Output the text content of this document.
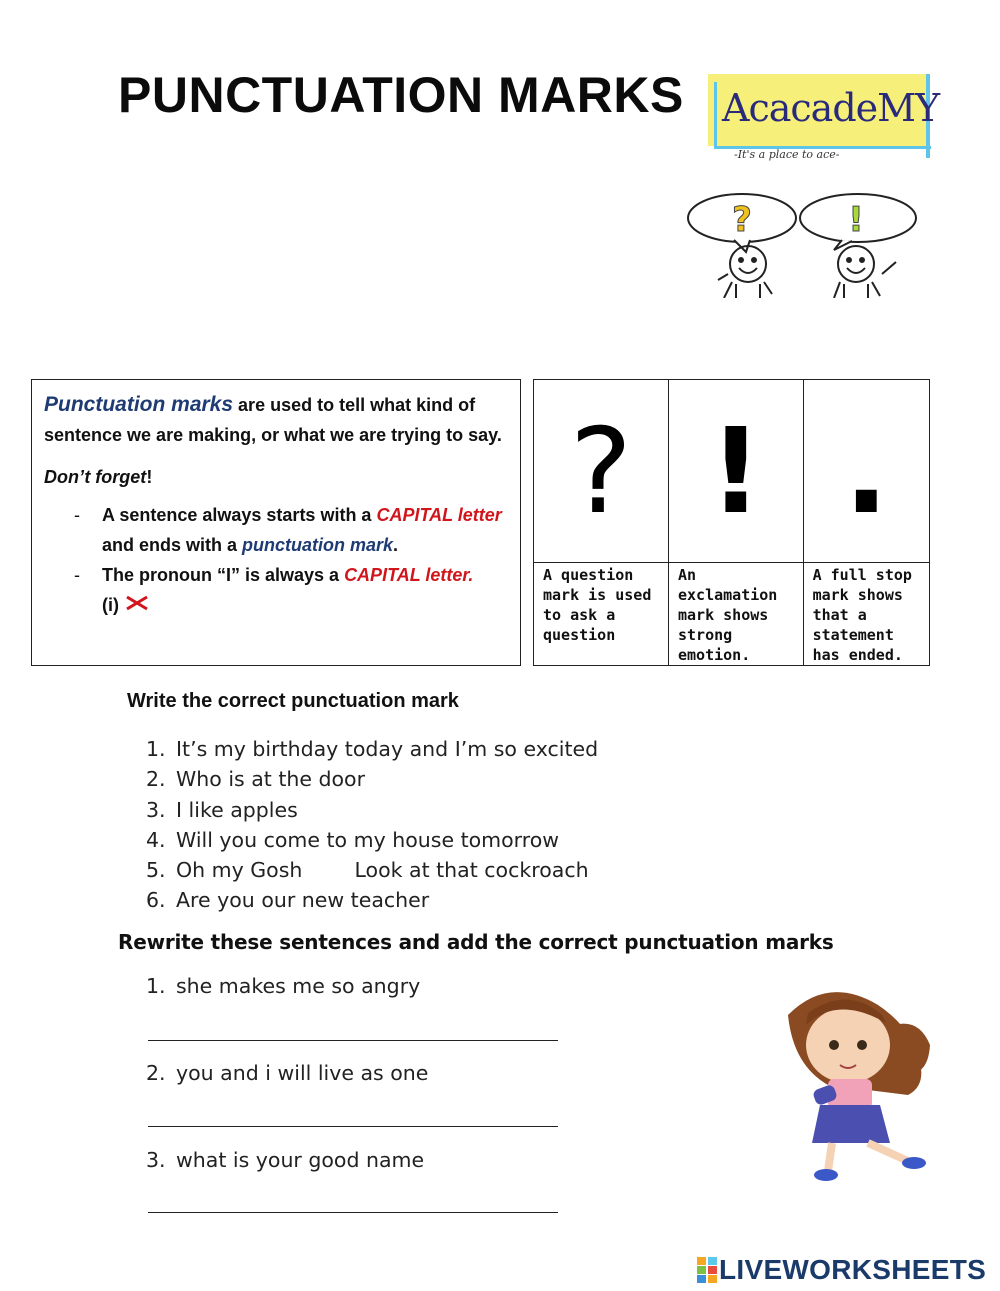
PUNCTUATION MARKS AcacadeMY
-It's a place to ace-
?	!

Punctuation marks are used to tell what kind of sentence we are making, or what we are trying to say.

Don’t forget!

- A sentence always starts with a CAPITAL letter and ends with a punctuation mark.
- The pronoun “I” is always a CAPITAL letter.
(i)
?	!	.

A question mark is used to ask a question	An exclamation mark shows strong emotion.	A full stop mark shows that a statement has ended.
Write the correct punctuation mark
1. It’s my birthday today and I’m so excited
2. Who is at the door
3. I like apples
4. Will you come to my house tomorrow
5. Oh my Gosh        Look at that cockroach
6. Are you our new teacher
Rewrite these sentences and add the correct punctuation marks
1. she makes me so angry
2. you and i will live as one
3. what is your good name
LIVEWORKSHEETS
